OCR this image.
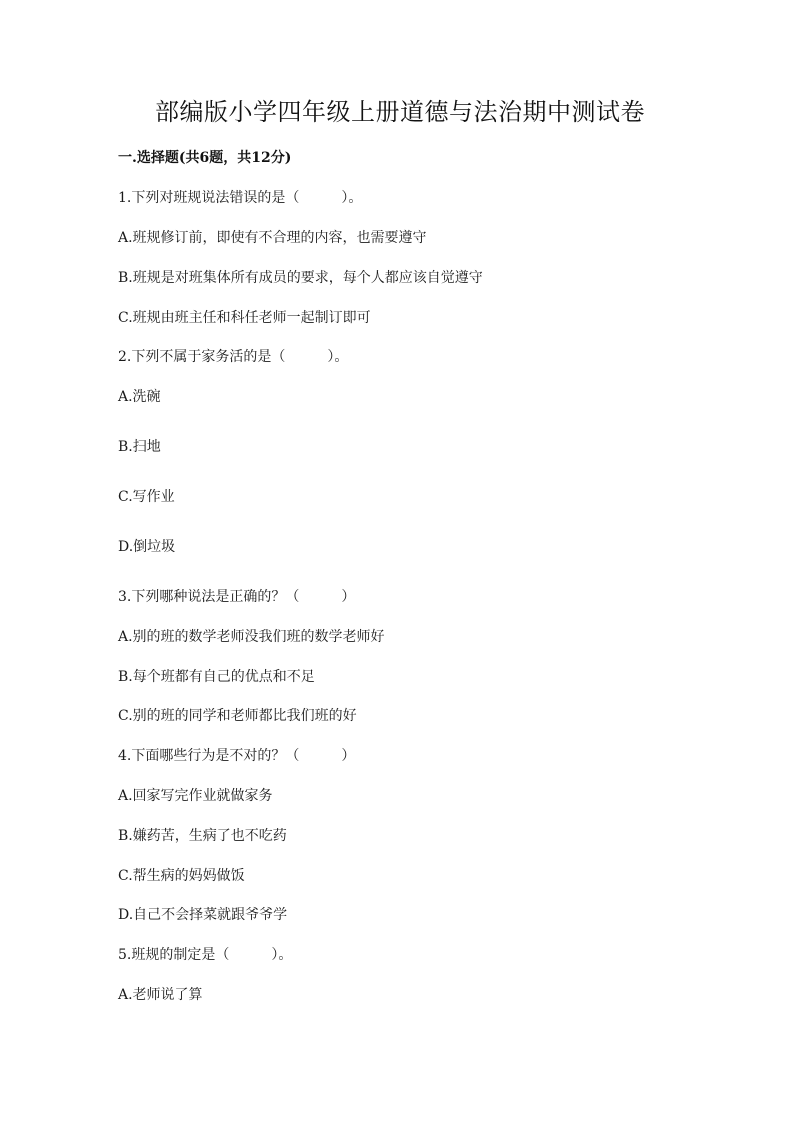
部编版小学四年级上册道德与法治期中测试卷
一.选择题(共6题，共12分)
1.下列对班规说法错误的是（　　　）。
A.班规修订前，即使有不合理的内容，也需要遵守
B.班规是对班集体所有成员的要求，每个人都应该自觉遵守
C.班规由班主任和科任老师一起制订即可
2.下列不属于家务活的是（　　　）。
A.洗碗
B.扫地
C.写作业
D.倒垃圾
3.下列哪种说法是正确的？（　　　）
A.别的班的数学老师没我们班的数学老师好
B.每个班都有自己的优点和不足
C.别的班的同学和老师都比我们班的好
4.下面哪些行为是不对的？（　　　）
A.回家写完作业就做家务
B.嫌药苦，生病了也不吃药
C.帮生病的妈妈做饭
D.自己不会择菜就跟爷爷学
5.班规的制定是（　　　）。
A.老师说了算
